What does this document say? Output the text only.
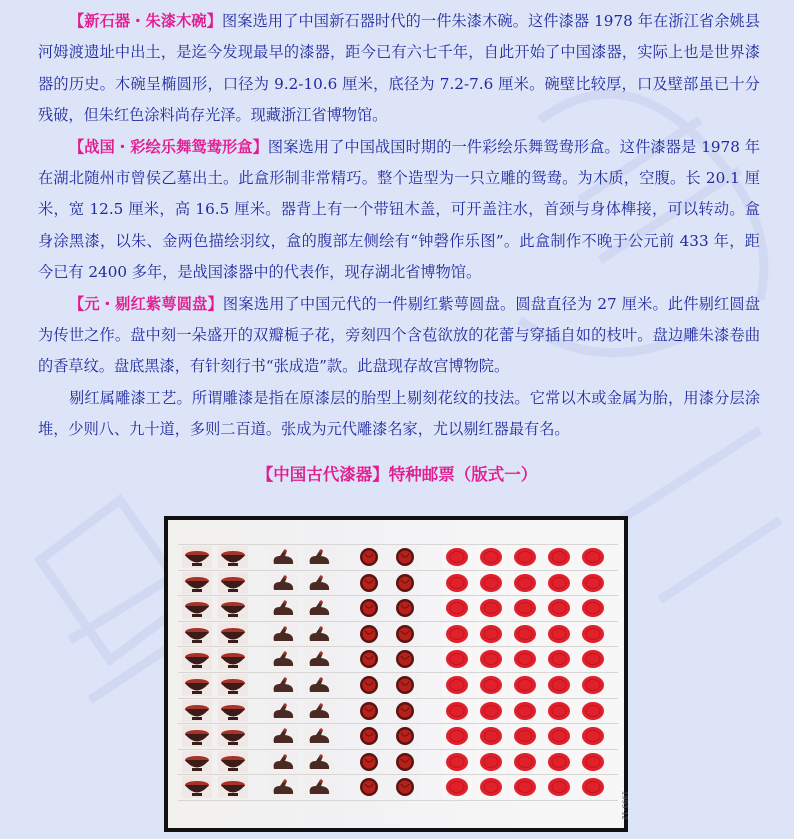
【新石器・朱漆木碗】图案选用了中国新石器时代的一件朱漆木碗。这件漆器 1978 年在浙江省余姚县河姆渡遗址中出土，是迄今发现最早的漆器，距今已有六七千年，自此开始了中国漆器，实际上也是世界漆器的历史。木碗呈椭圆形，口径为 9.2-10.6 厘米，底径为 7.2-7.6 厘米。碗壁比较厚，口及壁部虽已十分残破，但朱红色涂料尚存光泽。现藏浙江省博物馆。

【战国・彩绘乐舞鸳鸯形盒】图案选用了中国战国时期的一件彩绘乐舞鸳鸯形盒。这件漆器是 1978 年在湖北随州市曾侯乙墓出土。此盒形制非常精巧。整个造型为一只立雕的鸳鸯。为木质，空腹。长 20.1 厘米，宽 12.5 厘米，高 16.5 厘米。器背上有一个带钮木盖，可开盖注水，首颈与身体榫接，可以转动。盒身涂黑漆，以朱、金两色描绘羽纹，盒的腹部左侧绘有“钟磬作乐图”。此盒制作不晚于公元前 433 年，距今已有 2400 多年，是战国漆器中的代表作，现存湖北省博物馆。

【元・剔红紫萼圆盘】图案选用了中国元代的一件剔红紫萼圆盘。圆盘直径为 27 厘米。此件剔红圆盘为传世之作。盘中刻一朵盛开的双瓣栀子花，旁刻四个含苞欲放的花蕾与穿插自如的枝叶。盘边雕朱漆卷曲的香草纹。盘底黑漆，有针刻行书“张成造”款。此盘现存故宫博物院。

剔红属雕漆工艺。所谓雕漆是指在原漆层的胎型上剔刻花纹的技法。它常以木或金属为胎，用漆分层涂堆，少则八、九十道，多则二百道。张成为元代雕漆名家，尤以剔红器最有名。

【中国古代漆器】特种邮票（版式一）
1993-12
